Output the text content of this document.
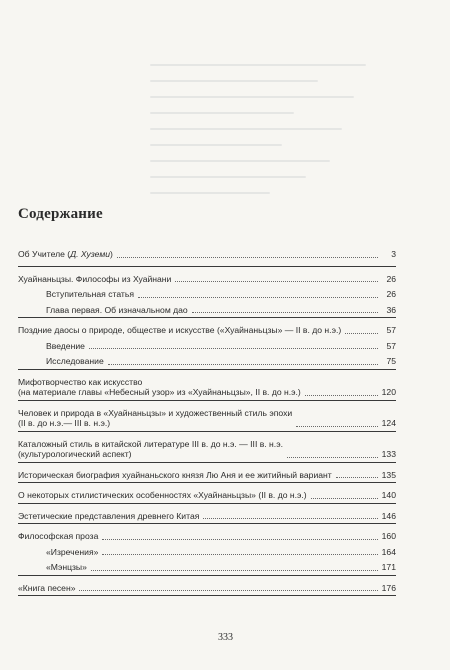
Содержание
Об Учителе (Д. Хуземи)	3
Хуайнаньцзы. Философы из Хуайнани	26
Вступительная статья	26
Глава первая. Об изначальном дао	36
Поздние даосы о природе, обществе и искусстве («Хуайнаньцзы» — II в. до н.э.)	57
Введение	57
Исследование	75
Мифотворчество как искусство
(на материале главы «Небесный узор» из «Хуайнаньцзы», II в. до н.э.)	120
Человек и природа в «Хуайнаньцзы» и художественный стиль эпохи
(II в. до н.э.— III в. н.э.)	124
Каталожный стиль в китайской литературе III в. до н.э. — III в. н.э.
(культурологический аспект)	133
Историческая биография хуайнаньского князя Лю Аня и ее житийный вариант	135
О некоторых стилистических особенностях «Хуайнаньцзы» (II в. до н.э.)	140
Эстетические представления древнего Китая	146
Философская проза	160
«Изречения»	164
«Мэнцзы»	171
«Книга песен»	176
333
